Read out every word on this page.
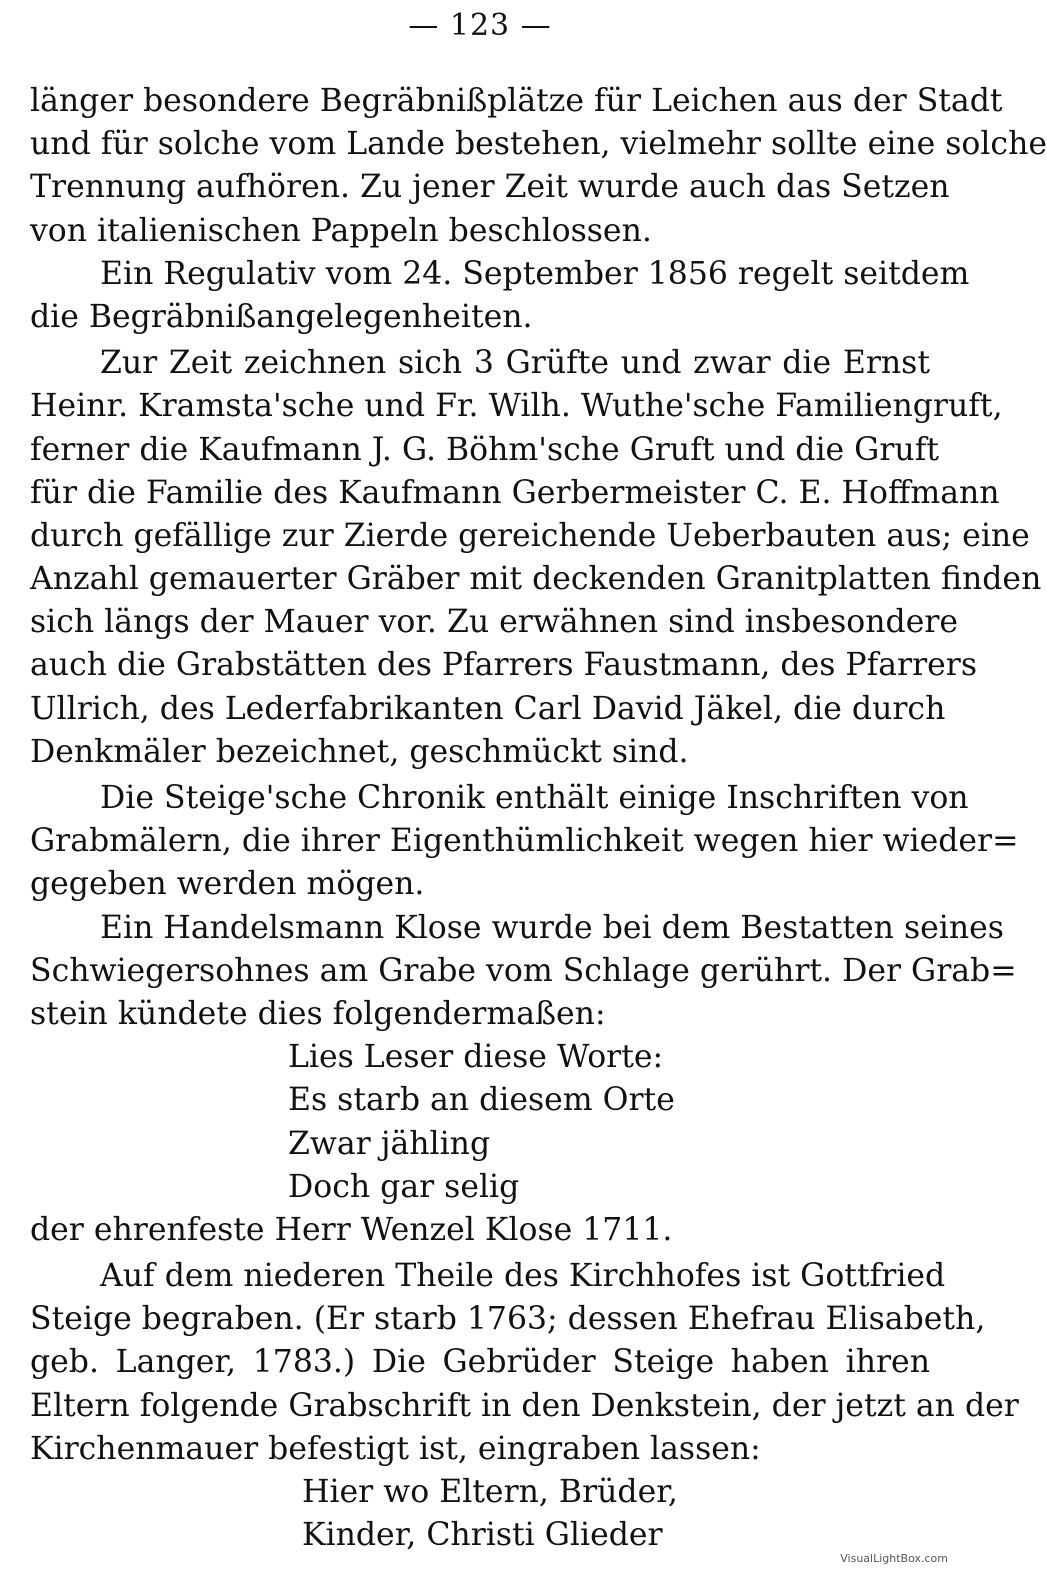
— 123 —
länger besondere Begräbnißplätze für Leichen aus der Stadt
und für solche vom Lande bestehen, vielmehr sollte eine solche
Trennung aufhören. Zu jener Zeit wurde auch das Setzen
von italienischen Pappeln beschlossen.
Ein Regulativ vom 24. September 1856 regelt seitdem
die Begräbnißangelegenheiten.
Zur Zeit zeichnen sich 3 Grüfte und zwar die Ernst
Heinr. Kramsta'sche und Fr. Wilh. Wuthe'sche Familiengruft,
ferner die Kaufmann J. G. Böhm'sche Gruft und die Gruft
für die Familie des Kaufmann Gerbermeister C. E. Hoffmann
durch gefällige zur Zierde gereichende Ueberbauten aus; eine
Anzahl gemauerter Gräber mit deckenden Granitplatten finden
sich längs der Mauer vor. Zu erwähnen sind insbesondere
auch die Grabstätten des Pfarrers Faustmann, des Pfarrers
Ullrich, des Lederfabrikanten Carl David Jäkel, die durch
Denkmäler bezeichnet, geschmückt sind.
Die Steige'sche Chronik enthält einige Inschriften von
Grabmälern, die ihrer Eigenthümlichkeit wegen hier wieder=
gegeben werden mögen.
Ein Handelsmann Klose wurde bei dem Bestatten seines
Schwiegersohnes am Grabe vom Schlage gerührt. Der Grab=
stein kündete dies folgendermaßen:
Lies Leser diese Worte:
Es starb an diesem Orte
Zwar jähling
Doch gar selig
der ehrenfeste Herr Wenzel Klose 1711.
Auf dem niederen Theile des Kirchhofes ist Gottfried
Steige begraben. (Er starb 1763; dessen Ehefrau Elisabeth,
geb. Langer, 1783.) Die Gebrüder Steige haben ihren
Eltern folgende Grabschrift in den Denkstein, der jetzt an der
Kirchenmauer befestigt ist, eingraben lassen:
Hier wo Eltern, Brüder,
Kinder, Christi Glieder
VisualLightBox.com
